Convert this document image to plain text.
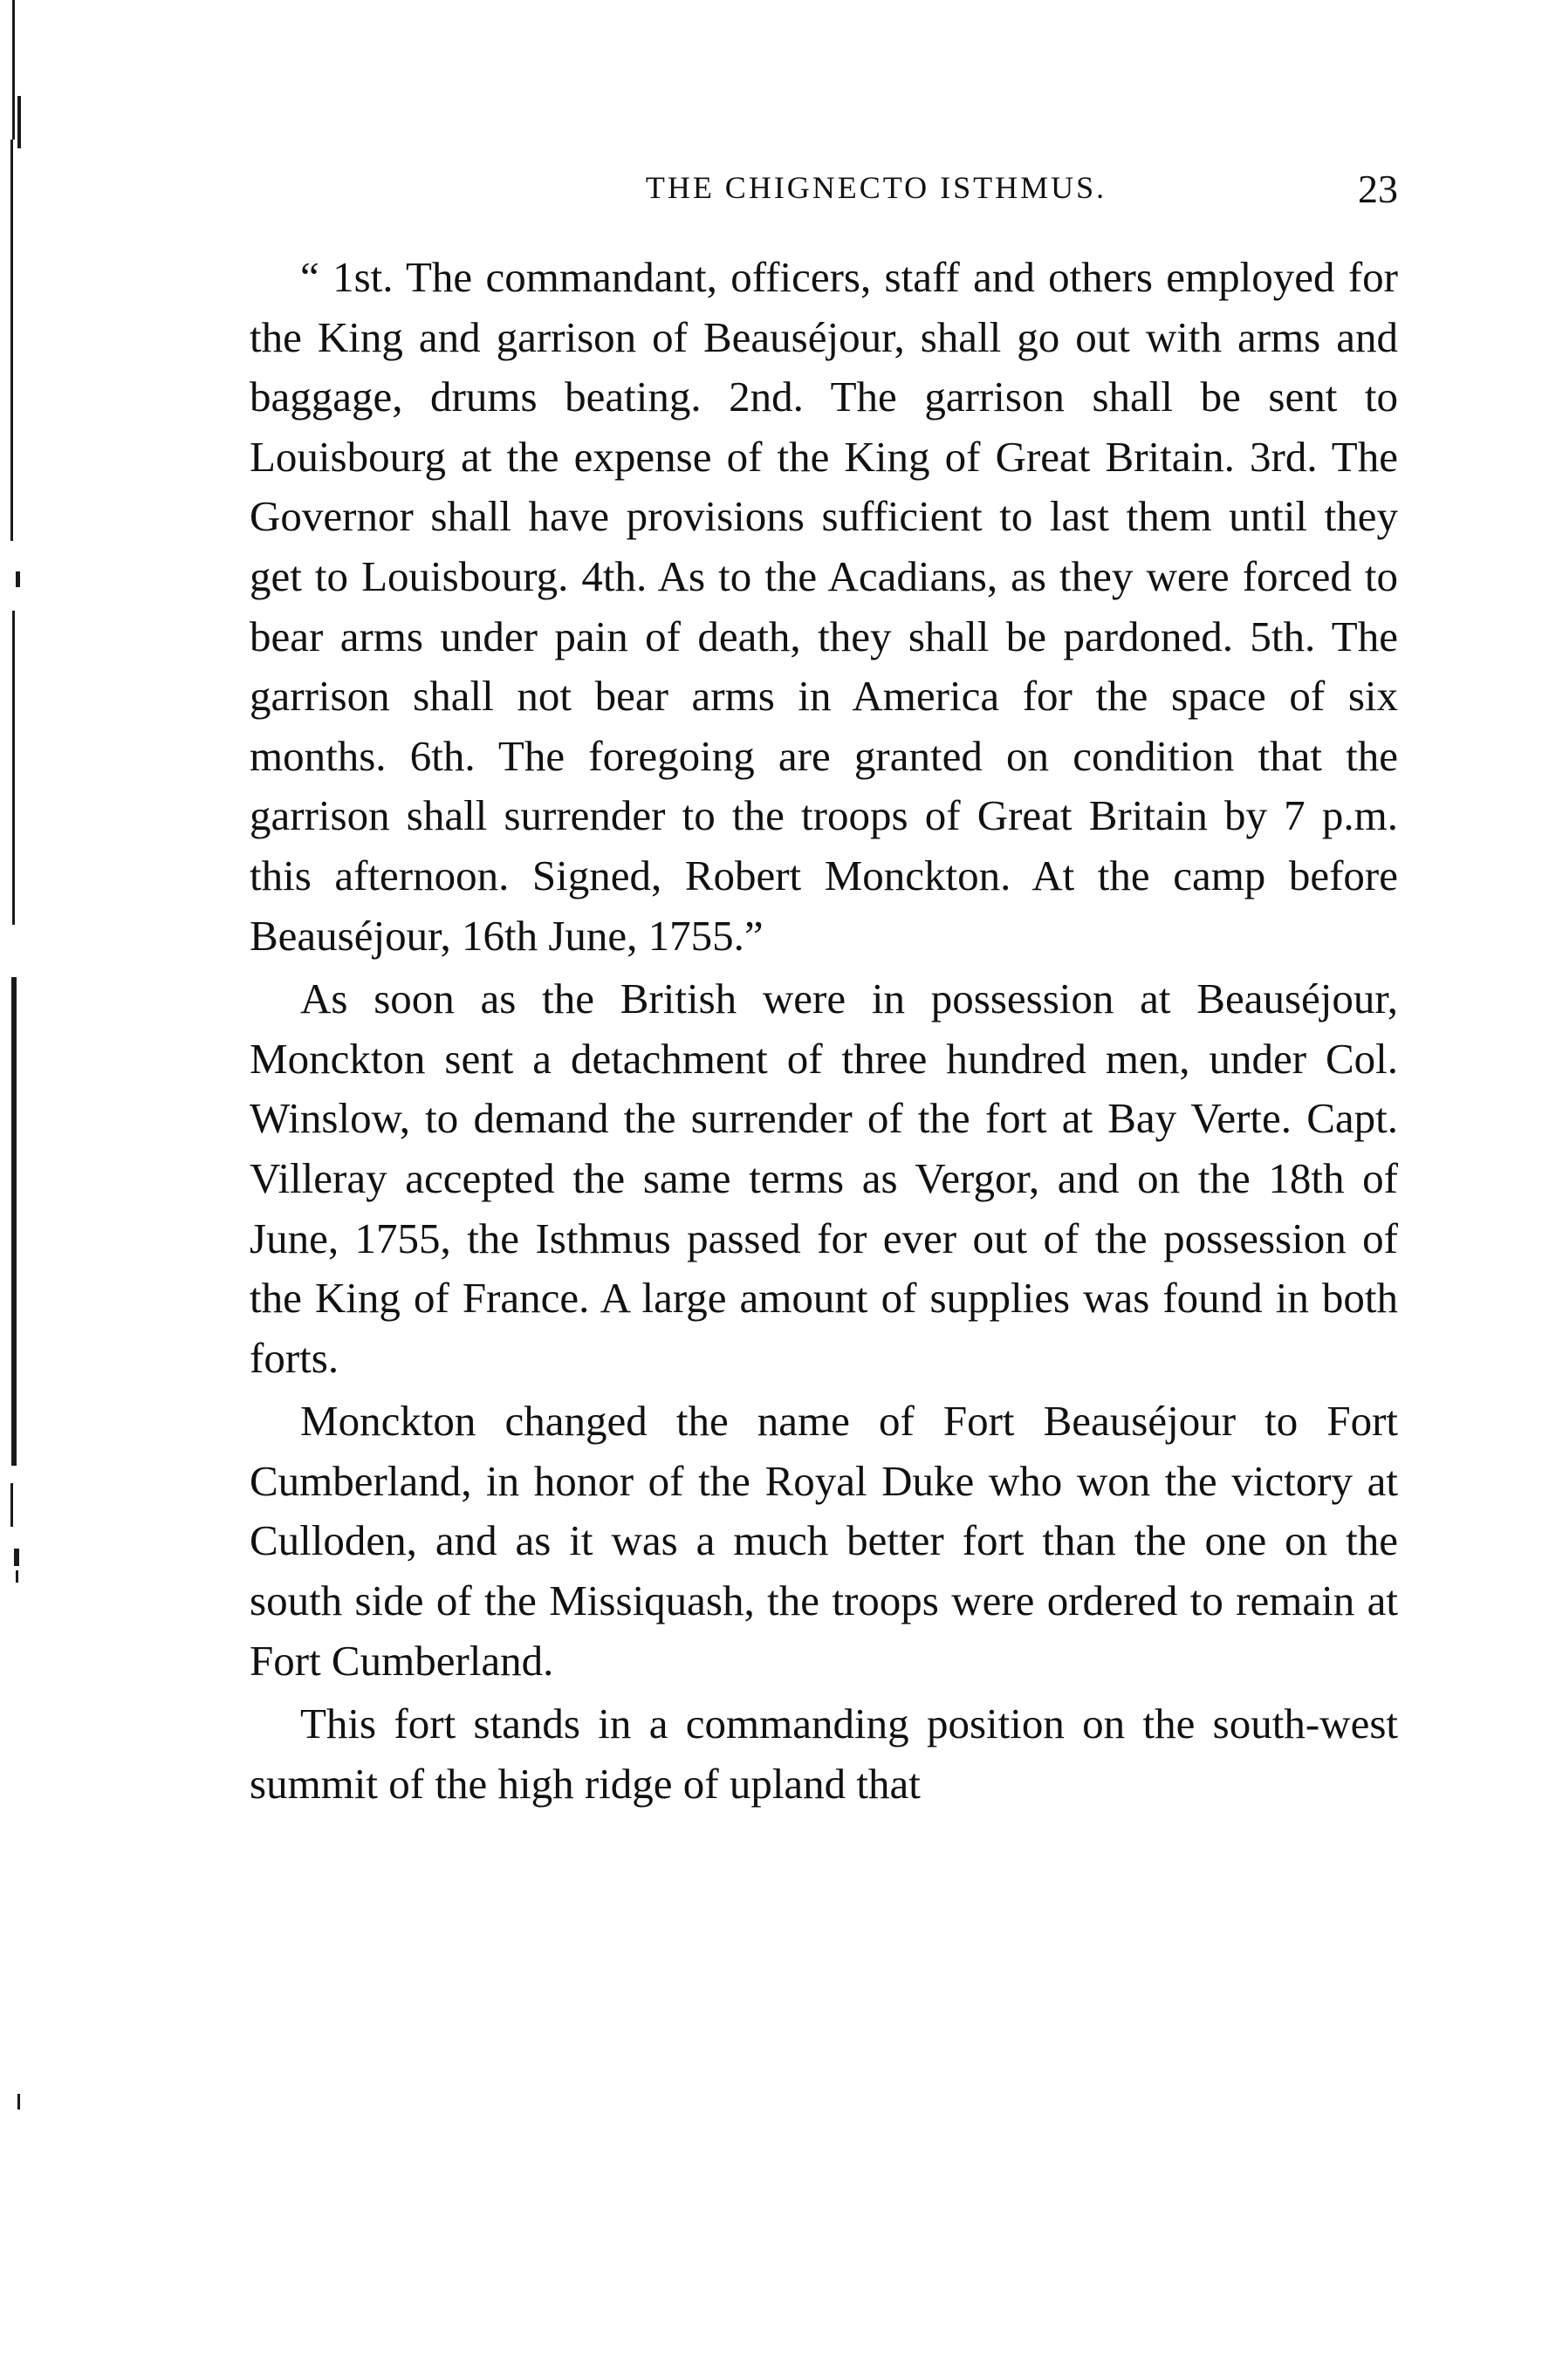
THE CHIGNECTO ISTHMUS.	23

“ 1st. The commandant, officers, staff and others employed for the King and garrison of Beauséjour, shall go out with arms and baggage, drums beating. 2nd. The garrison shall be sent to Louisbourg at the expense of the King of Great Britain. 3rd. The Governor shall have provisions sufficient to last them until they get to Louisbourg. 4th. As to the Acadians, as they were forced to bear arms under pain of death, they shall be pardoned. 5th. The garrison shall not bear arms in America for the space of six months. 6th. The foregoing are granted on condition that the garrison shall surrender to the troops of Great Britain by 7 p.m. this afternoon. Signed, Robert Monckton. At the camp before Beauséjour, 16th June, 1755.”

As soon as the British were in possession at Beauséjour, Monckton sent a detachment of three hundred men, under Col. Winslow, to demand the surrender of the fort at Bay Verte. Capt. Villeray accepted the same terms as Vergor, and on the 18th of June, 1755, the Isthmus passed for ever out of the possession of the King of France. A large amount of supplies was found in both forts.

Monckton changed the name of Fort Beauséjour to Fort Cumberland, in honor of the Royal Duke who won the victory at Culloden, and as it was a much better fort than the one on the south side of the Missiquash, the troops were ordered to remain at Fort Cumberland.

This fort stands in a commanding position on the south-west summit of the high ridge of upland that
